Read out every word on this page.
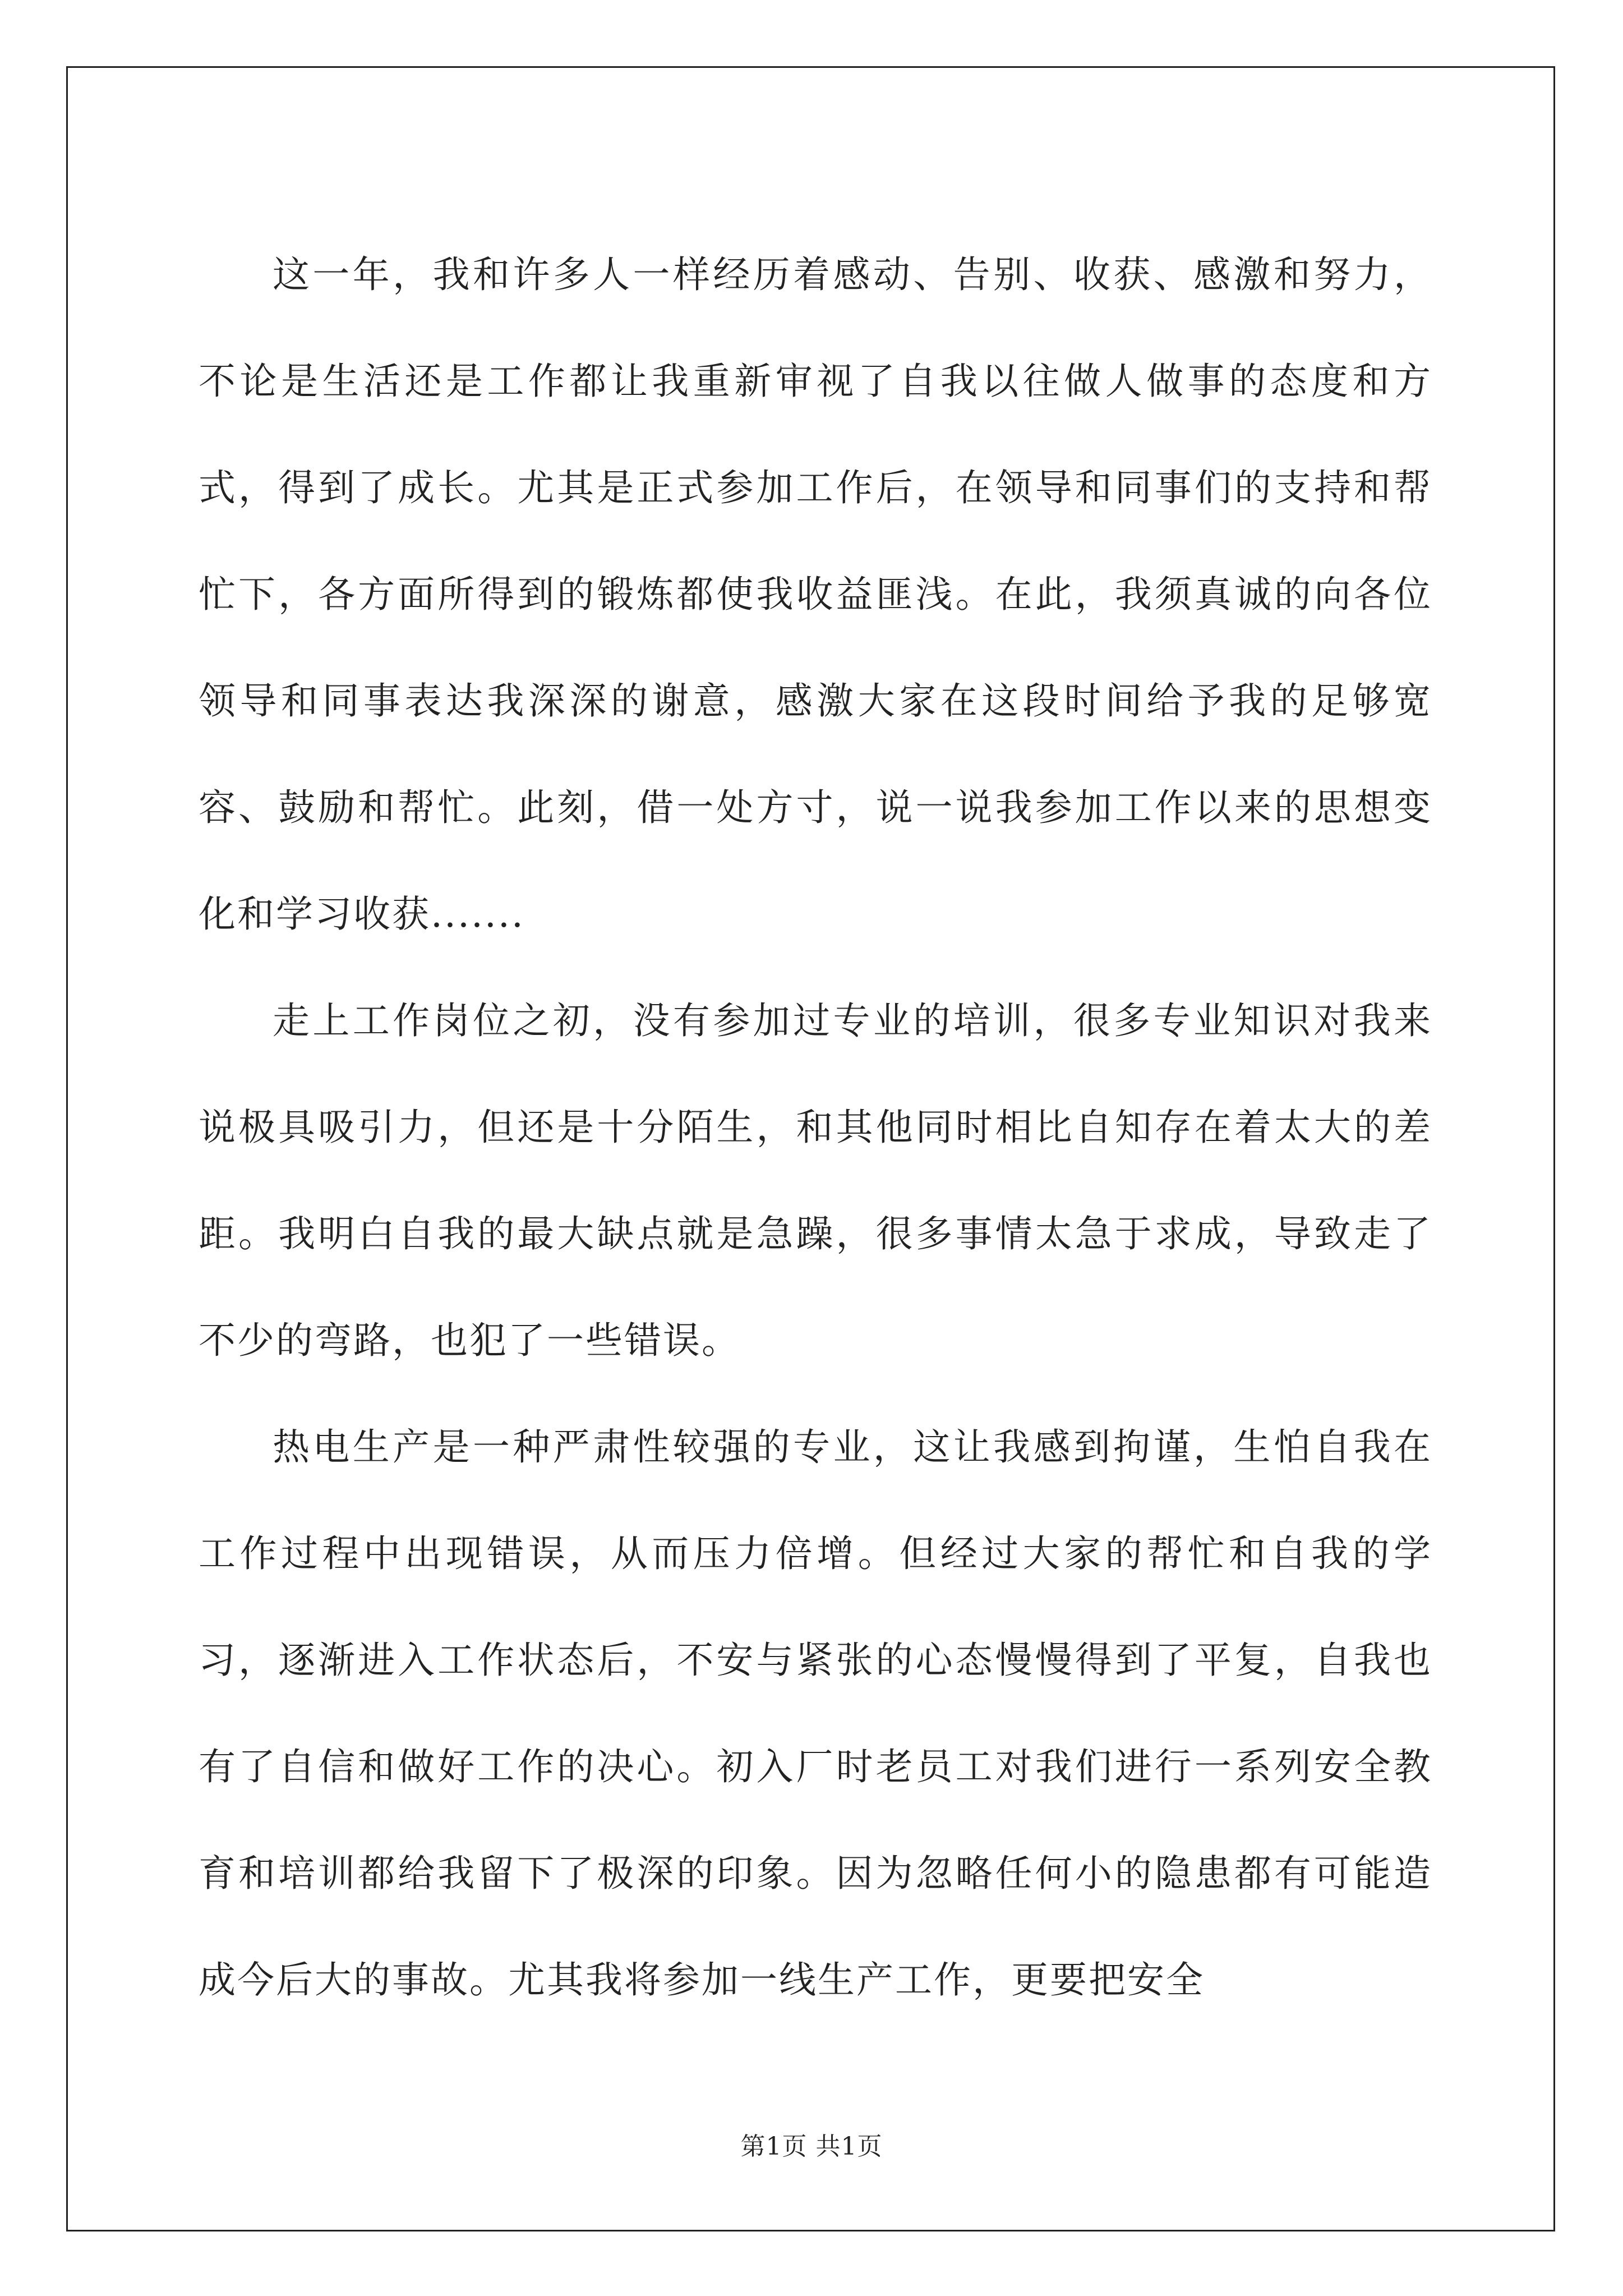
这一年，我和许多人一样经历着感动、告别、收获、感激和努力，不论是生活还是工作都让我重新审视了自我以往做人做事的态度和方式，得到了成长。尤其是正式参加工作后，在领导和同事们的支持和帮忙下，各方面所得到的锻炼都使我收益匪浅。在此，我须真诚的向各位领导和同事表达我深深的谢意，感激大家在这段时间给予我的足够宽容、鼓励和帮忙。此刻，借一处方寸，说一说我参加工作以来的思想变化和学习收获.......

走上工作岗位之初，没有参加过专业的培训，很多专业知识对我来说极具吸引力，但还是十分陌生，和其他同时相比自知存在着太大的差距。我明白自我的最大缺点就是急躁，很多事情太急于求成，导致走了不少的弯路，也犯了一些错误。

热电生产是一种严肃性较强的专业，这让我感到拘谨，生怕自我在工作过程中出现错误，从而压力倍增。但经过大家的帮忙和自我的学习，逐渐进入工作状态后，不安与紧张的心态慢慢得到了平复，自我也有了自信和做好工作的决心。初入厂时老员工对我们进行一系列安全教育和培训都给我留下了极深的印象。因为忽略任何小的隐患都有可能造成今后大的事故。尤其我将参加一线生产工作，更要把安全

第1页 共1页
